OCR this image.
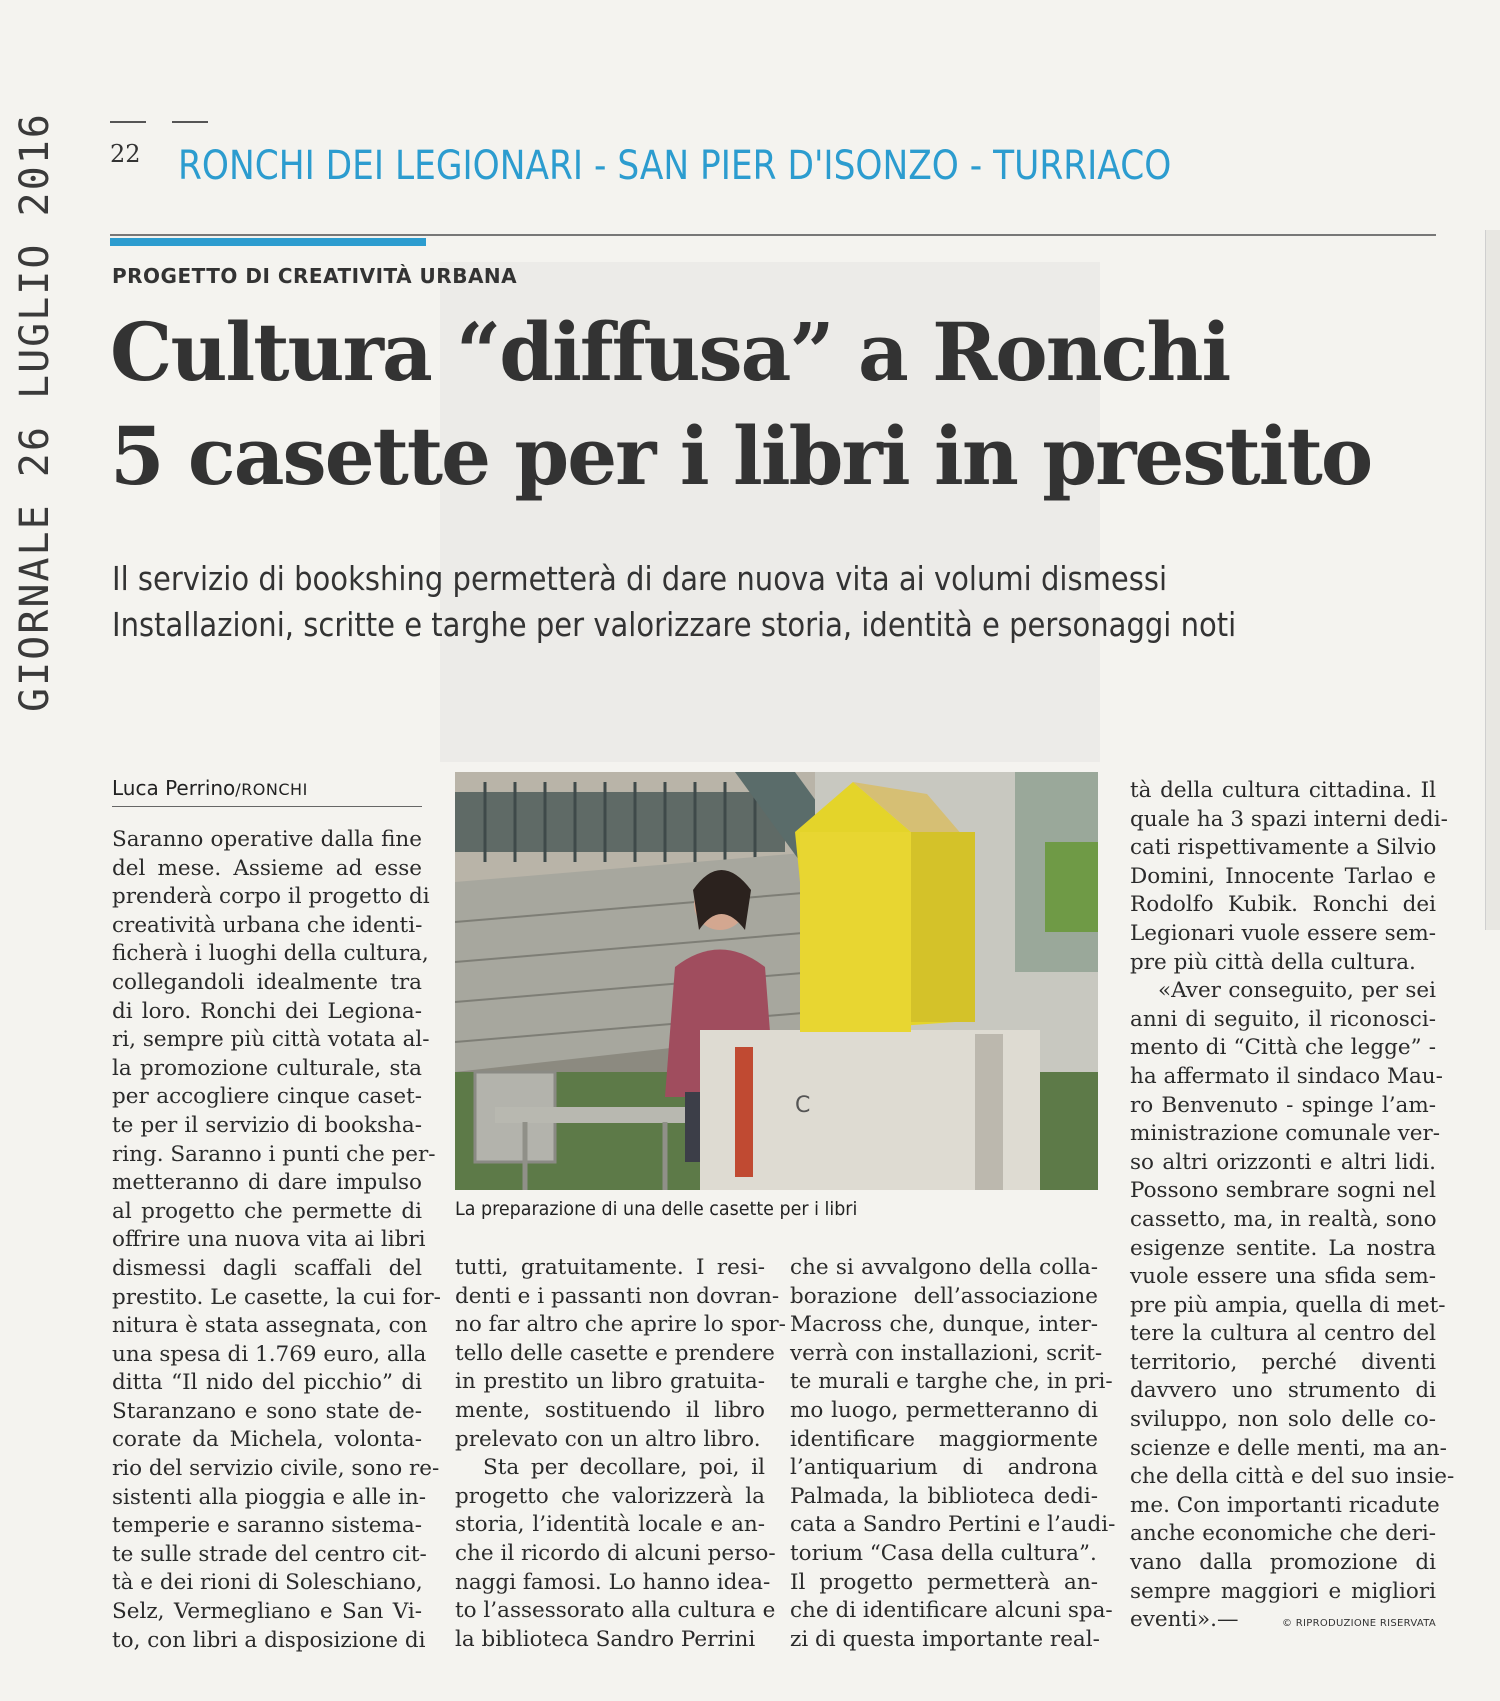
GIORNALE 26 LUGLIO 2016	22 RONCHI DEI LEGIONARI - SAN PIER D'ISONZO - TURRIACO
PROGETTO DI CREATIVITÀ URBANA
Cultura “diffusa” a Ronchi
5 casette per i libri in prestito
Il servizio di bookshing permetterà di dare nuova vita ai volumi dismessi
Installazioni, scritte e targhe per valorizzare storia, identità e personaggi noti
Luca Perrino/RONCHI
C
La preparazione di una delle casette per i libri
Saranno operative dalla fine
del mese. Assieme ad esse
prenderà corpo il progetto di
creatività urbana che identi-
ficherà i luoghi della cultura,
collegandoli idealmente tra
di loro. Ronchi dei Legiona-
ri, sempre più città votata al-
la promozione culturale, sta
per accogliere cinque caset-
te per il servizio di booksha-
ring. Saranno i punti che per-
metteranno di dare impulso
al progetto che permette di
offrire una nuova vita ai libri
dismessi dagli scaffali del
prestito. Le casette, la cui for-
nitura è stata assegnata, con
una spesa di 1.769 euro, alla
ditta “Il nido del picchio” di
Staranzano e sono state de-
corate da Michela, volonta-
rio del servizio civile, sono re-
sistenti alla pioggia e alle in-
temperie e saranno sistema-
te sulle strade del centro cit-
tà e dei rioni di Soleschiano,
Selz, Vermegliano e San Vi-
to, con libri a disposizione di
tutti, gratuitamente. I resi-
denti e i passanti non dovran-
no far altro che aprire lo spor-
tello delle casette e prendere
in prestito un libro gratuita-
mente, sostituendo il libro
prelevato con un altro libro.
Sta per decollare, poi, il
progetto che valorizzerà la
storia, l’identità locale e an-
che il ricordo di alcuni perso-
naggi famosi. Lo hanno idea-
to l’assessorato alla cultura e
la biblioteca Sandro Perrini
che si avvalgono della colla-
borazione dell’associazione
Macross che, dunque, inter-
verrà con installazioni, scrit-
te murali e targhe che, in pri-
mo luogo, permetteranno di
identificare maggiormente
l’antiquarium di androna
Palmada, la biblioteca dedi-
cata a Sandro Pertini e l’audi-
torium “Casa della cultura”.
Il progetto permetterà an-
che di identificare alcuni spa-
zi di questa importante real-
tà della cultura cittadina. Il
quale ha 3 spazi interni dedi-
cati rispettivamente a Silvio
Domini, Innocente Tarlao e
Rodolfo Kubik. Ronchi dei
Legionari vuole essere sem-
pre più città della cultura.
«Aver conseguito, per sei
anni di seguito, il riconosci-
mento di “Città che legge” -
ha affermato il sindaco Mau-
ro Benvenuto - spinge l’am-
ministrazione comunale ver-
so altri orizzonti e altri lidi.
Possono sembrare sogni nel
cassetto, ma, in realtà, sono
esigenze sentite. La nostra
vuole essere una sfida sem-
pre più ampia, quella di met-
tere la cultura al centro del
territorio, perché diventi
davvero uno strumento di
sviluppo, non solo delle co-
scienze e delle menti, ma an-
che della città e del suo insie-
me. Con importanti ricadute
anche economiche che deri-
vano dalla promozione di
sempre maggiori e migliori
eventi».—	© RIPRODUZIONE RISERVATA
